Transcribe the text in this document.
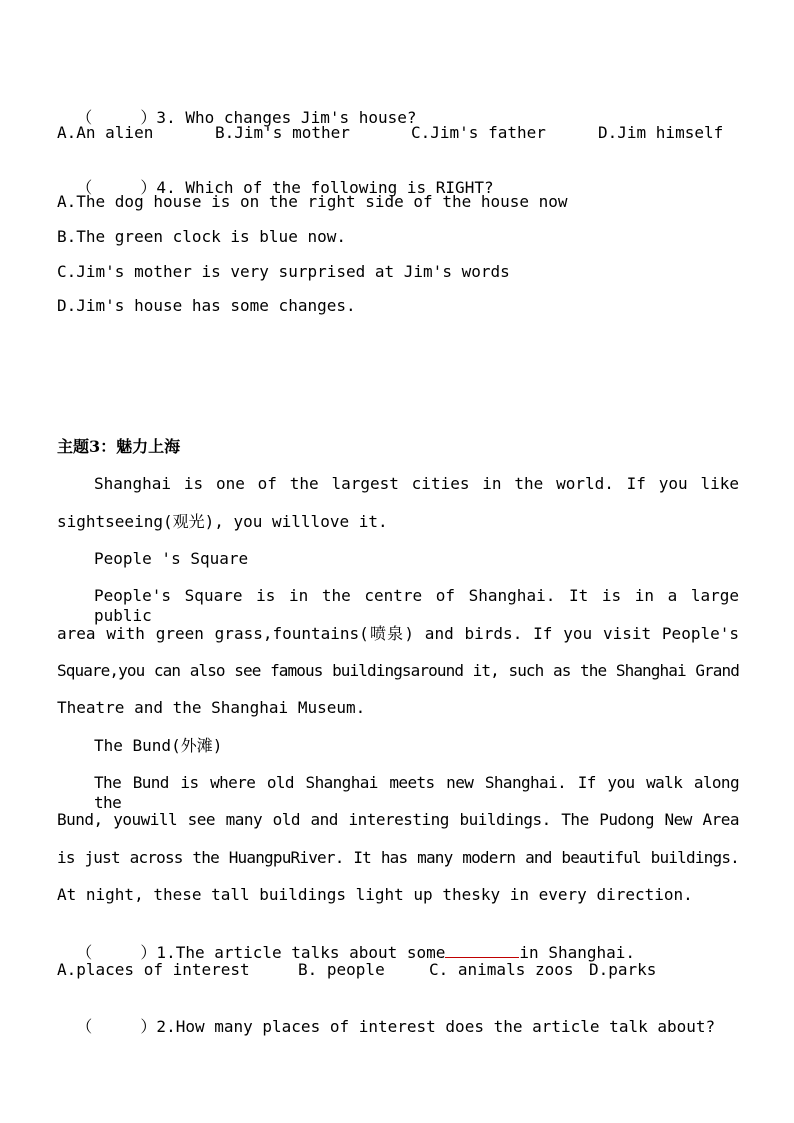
（     ）3. Who changes Jim's house?

A.An alien	B.Jim's mother	C.Jim's father	D.Jim himself

（     ）4. Which of the following is RIGHT?

A.The dog house is on the right side of the house now

B.The green clock is blue now.

C.Jim's mother is very surprised at Jim's words

D.Jim's house has some changes.

主题3：魅力上海

Shanghai is one of the largest cities in the world. If you like

sightseeing(观光), you willlove it.

People 's Square

People's Square is in the centre of Shanghai. It is in a large public

area with green grass,fountains(喷泉) and birds. If you visit People's

Square,you can also see famous buildingsaround it, such as the Shanghai Grand

Theatre and the Shanghai Museum.

The Bund(外滩)

The Bund is where old Shanghai meets new Shanghai. If you walk along the

Bund, youwill see many old and interesting buildings. The Pudong New Area

is just across the HuangpuRiver. It has many modern and beautiful buildings.

At night, these tall buildings light up thesky in every direction.

（     ）1.The article talks about some	in Shanghai.

A.places of interest	B. people	C. animals zoos D.parks

（     ）2.How many places of interest does the article talk about?
